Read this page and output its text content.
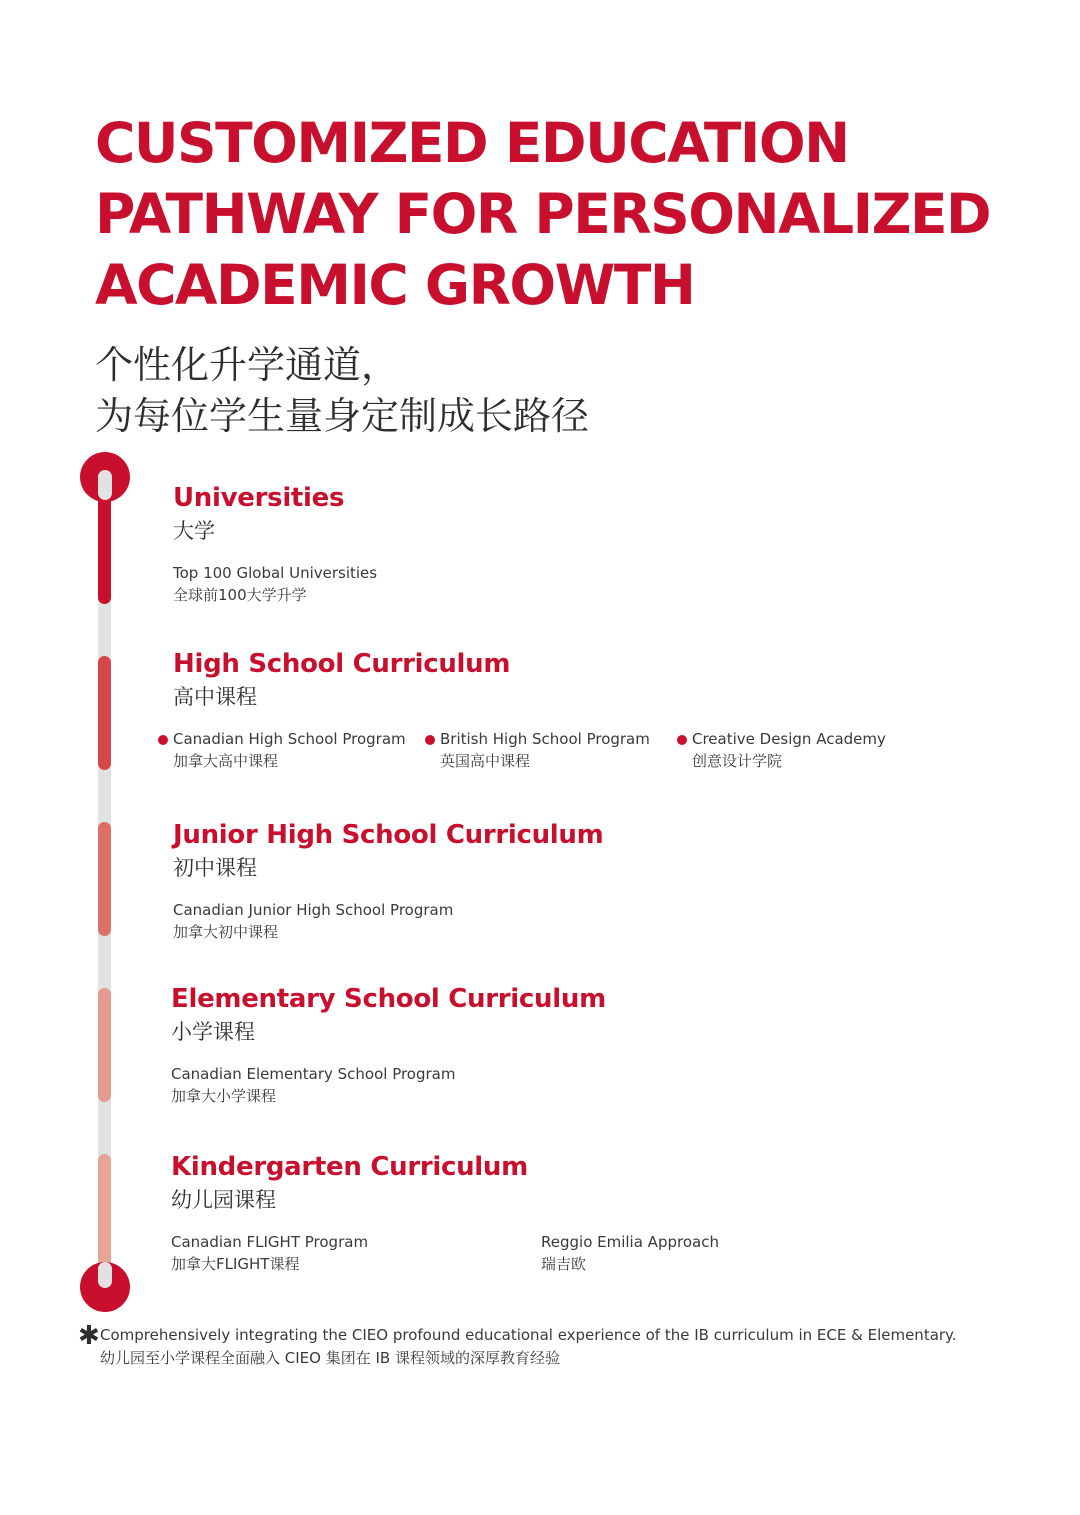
CUSTOMIZED EDUCATION
PATHWAY FOR PERSONALIZED
ACADEMIC GROWTH
个性化升学通道，
为每位学生量身定制成长路径
Universities
大学
Top 100 Global Universities
全球前100大学升学
High School Curriculum
高中课程
Canadian High School Program
加拿大高中课程
British High School Program
英国高中课程
Creative Design Academy
创意设计学院
Junior High School Curriculum
初中课程
Canadian Junior High School Program
加拿大初中课程
Elementary School Curriculum
小学课程
Canadian Elementary School Program
加拿大小学课程
Kindergarten Curriculum
幼儿园课程
Canadian FLIGHT Program
加拿大FLIGHT课程
Reggio Emilia Approach
瑞吉欧
✱ Comprehensively integrating the CIEO profound educational experience of the IB curriculum in ECE & Elementary.
幼儿园至小学课程全面融入 CIEO 集团在 IB 课程领域的深厚教育经验
